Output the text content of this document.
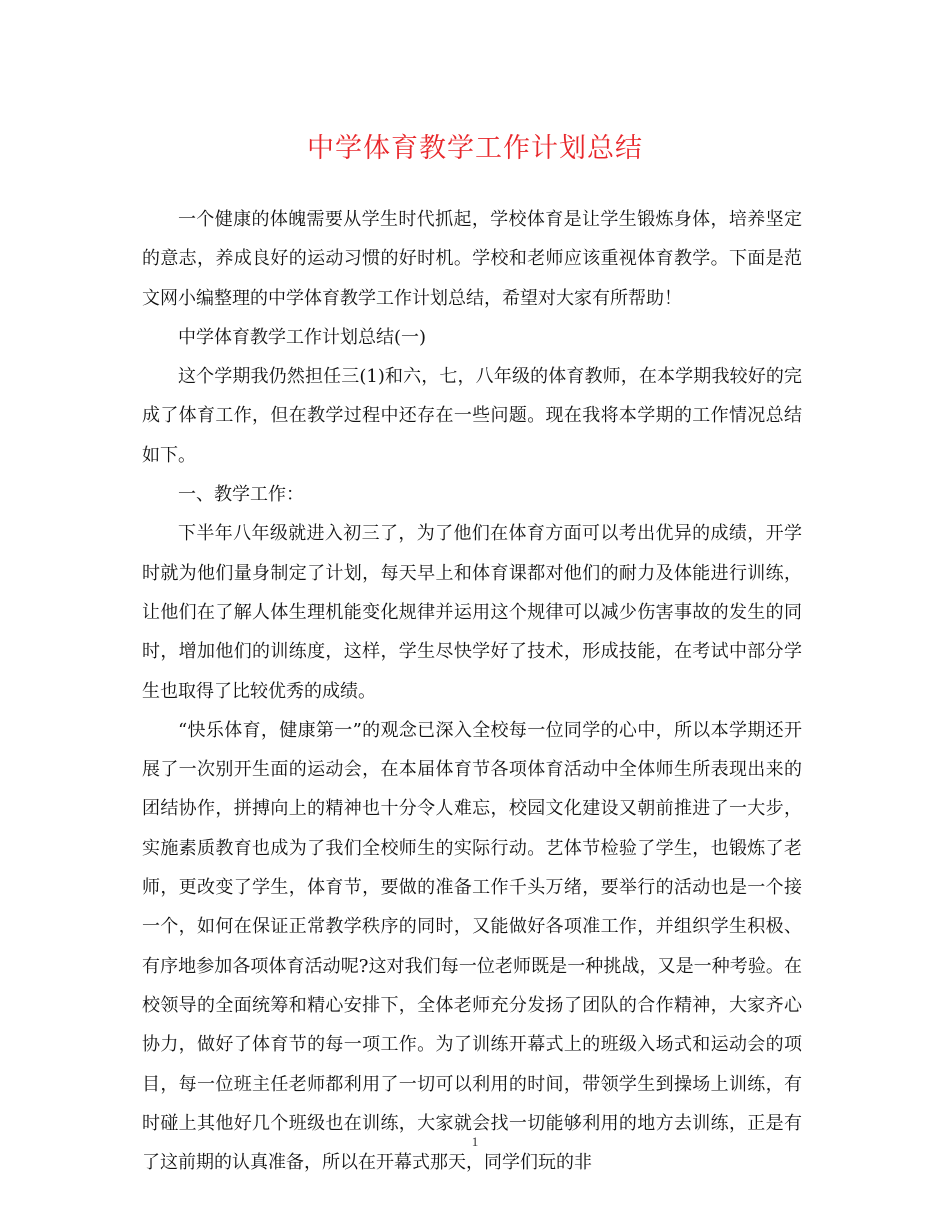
中学体育教学工作计划总结

一个健康的体魄需要从学生时代抓起，学校体育是让学生锻炼身体，培养坚定的意志，养成良好的运动习惯的好时机。学校和老师应该重视体育教学。下面是范文网小编整理的中学体育教学工作计划总结，希望对大家有所帮助！

中学体育教学工作计划总结(一)

这个学期我仍然担任三(1)和六，七，八年级的体育教师，在本学期我较好的完成了体育工作，但在教学过程中还存在一些问题。现在我将本学期的工作情况总结如下。

一、教学工作：

下半年八年级就进入初三了，为了他们在体育方面可以考出优异的成绩，开学时就为他们量身制定了计划，每天早上和体育课都对他们的耐力及体能进行训练，让他们在了解人体生理机能变化规律并运用这个规律可以减少伤害事故的发生的同时，增加他们的训练度，这样，学生尽快学好了技术，形成技能，在考试中部分学生也取得了比较优秀的成绩。

“快乐体育，健康第一”的观念已深入全校每一位同学的心中，所以本学期还开展了一次别开生面的运动会，在本届体育节各项体育活动中全体师生所表现出来的团结协作，拼搏向上的精神也十分令人难忘，校园文化建设又朝前推进了一大步，实施素质教育也成为了我们全校师生的实际行动。艺体节检验了学生，也锻炼了老师，更改变了学生，体育节，要做的准备工作千头万绪，要举行的活动也是一个接一个，如何在保证正常教学秩序的同时，又能做好各项准工作，并组织学生积极、有序地参加各项体育活动呢?这对我们每一位老师既是一种挑战，又是一种考验。在校领导的全面统筹和精心安排下，全体老师充分发扬了团队的合作精神，大家齐心协力，做好了体育节的每一项工作。为了训练开幕式上的班级入场式和运动会的项目，每一位班主任老师都利用了一切可以利用的时间，带领学生到操场上训练，有时碰上其他好几个班级也在训练，大家就会找一切能够利用的地方去训练，正是有了这前期的认真准备，所以在开幕式那天，同学们玩的非

1
